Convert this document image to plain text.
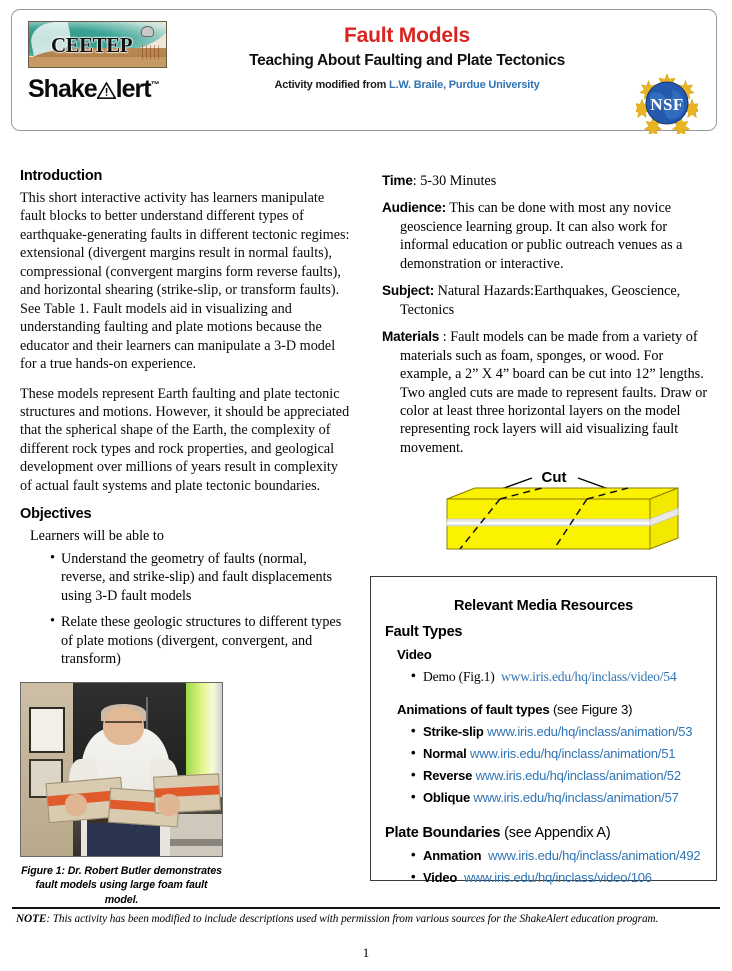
CEETEP
Shake lert™
Fault Models
Teaching About Faulting and Plate Tectonics
Activity modified from L.W. Braile, Purdue University
NSF
Introduction

This short interactive activity has learners manipulate fault blocks to better understand different types of earthquake-generating faults in different tectonic regimes: extensional (divergent margins result in normal faults), compressional (convergent margins form reverse faults), and horizontal shearing (strike-slip, or transform faults). See Table 1. Fault models aid in visualizing and understanding faulting and plate motions because the educator and their learners can manipulate a 3-D model for a true hands-on experience.

These models represent Earth faulting and plate tectonic structures and motions. However, it should be appreciated that the spherical shape of the Earth, the complexity of different rock types and rock properties, and geological development over millions of years result in complexity of actual fault systems and plate tectonic boundaries.

Objectives
Learners will be able to
• Understand the geometry of faults (normal, reverse, and strike-slip) and fault displacements using 3-D fault models
• Relate these geologic structures to different types of plate motions (divergent, convergent, and transform)
Figure 1: Dr. Robert Butler demonstrates fault models using large foam fault model.
Time: 5-30 Minutes
Audience: This can be done with most any novice geoscience learning group. It can also work for informal education or public outreach venues as a demonstration or interactive.
Subject: Natural Hazards:Earthquakes, Geoscience, Tectonics
Materials : Fault models can be made from a variety of materials such as foam, sponges, or wood. For example, a 2” X 4” board can be cut into 12” lengths. Two angled cuts are made to represent faults. Draw or color at least three horizontal layers on the model representing rock layers will aid visualizing fault movement.
Cut
Relevant Media Resources
Fault Types
Video
• Demo (Fig.1) www.iris.edu/hq/inclass/video/54
Animations of fault types (see Figure 3)
• Strike-slip www.iris.edu/hq/inclass/animation/53
• Normal www.iris.edu/hq/inclass/animation/51
• Reverse www.iris.edu/hq/inclass/animation/52
• Oblique www.iris.edu/hq/inclass/animation/57
Plate Boundaries (see Appendix A)
• Anmation www.iris.edu/hq/inclass/animation/492
• Video www.iris.edu/hq/inclass/video/106
NOTE: This activity has been modified to include descriptions used with permission from various sources for the ShakeAlert education program.
1
